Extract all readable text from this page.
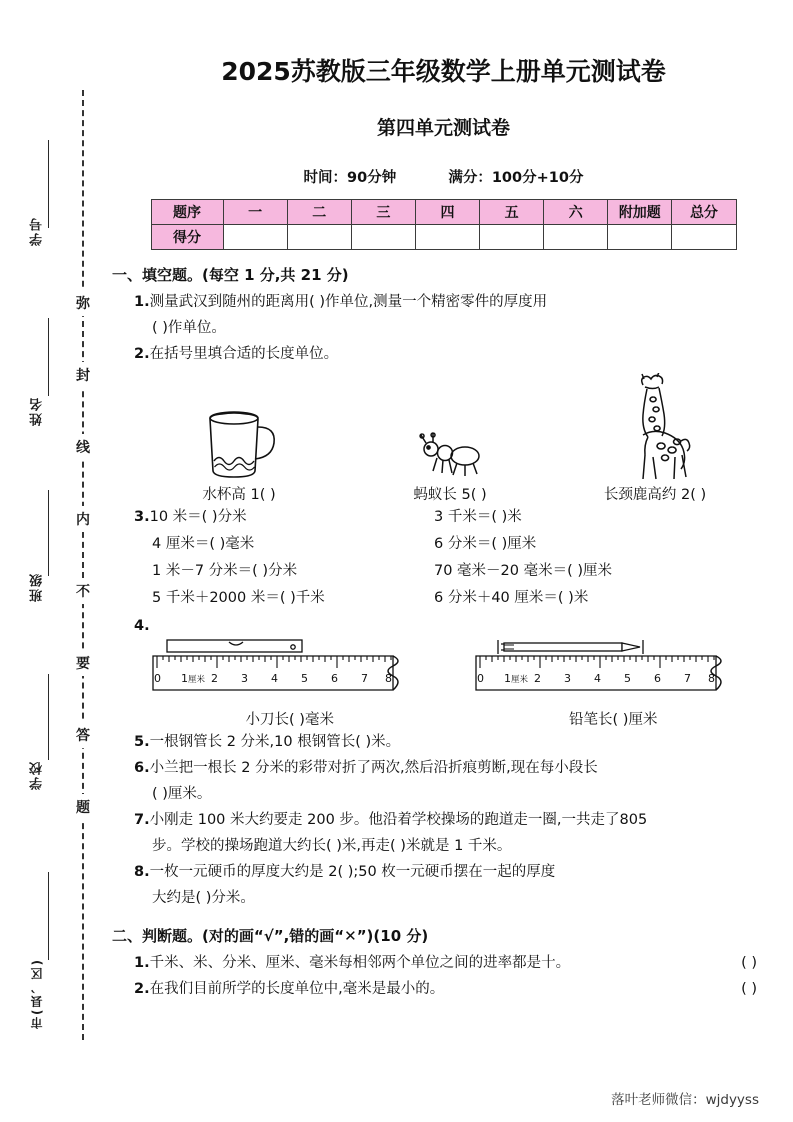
学号
姓名
班级
学校
市(县、区)
弥
封
线
内
不
要
答
题
2025苏教版三年级数学上册单元测试卷
第四单元测试卷
时间：90分钟	满分：100分+10分
题序	一	二	三	四	五	六	附加题	总分
得分								
一、填空题。(每空 1 分,共 21 分)
1.测量武汉到随州的距离用( )作单位,测量一个精密零件的厚度用
( )作单位。
2.在括号里填合适的长度单位。
水杯高 1( )	蚂蚁长 5( )	长颈鹿高约 2( )
3.10 米＝( )分米	3 千米＝( )米
4 厘米＝( )毫米	6 分米＝( )厘米
1 米－7 分米＝( )分米	70 毫米－20 毫米＝( )厘米
5 千米＋2000 米＝( )千米	6 分米＋40 厘米＝( )米
4.
0 1 2 3 4 5 6 7 8
厘米
小刀长( )毫米
0 1 2 3 4 5 6 7 8
厘米
铅笔长( )厘米
5.一根钢管长 2 分米,10 根钢管长( )米。
6.小兰把一根长 2 分米的彩带对折了两次,然后沿折痕剪断,现在每小段长
( )厘米。
7.小刚走 100 米大约要走 200 步。他沿着学校操场的跑道走一圈,一共走了805
步。学校的操场跑道大约长( )米,再走( )米就是 1 千米。
8.一枚一元硬币的厚度大约是 2( );50 枚一元硬币摆在一起的厚度
大约是( )分米。
二、判断题。(对的画“√”,错的画“✕”)(10 分)
1.千米、米、分米、厘米、毫米每相邻两个单位之间的进率都是十。	( )
2.在我们目前所学的长度单位中,毫米是最小的。	( )
落叶老师微信：wjdyyss
